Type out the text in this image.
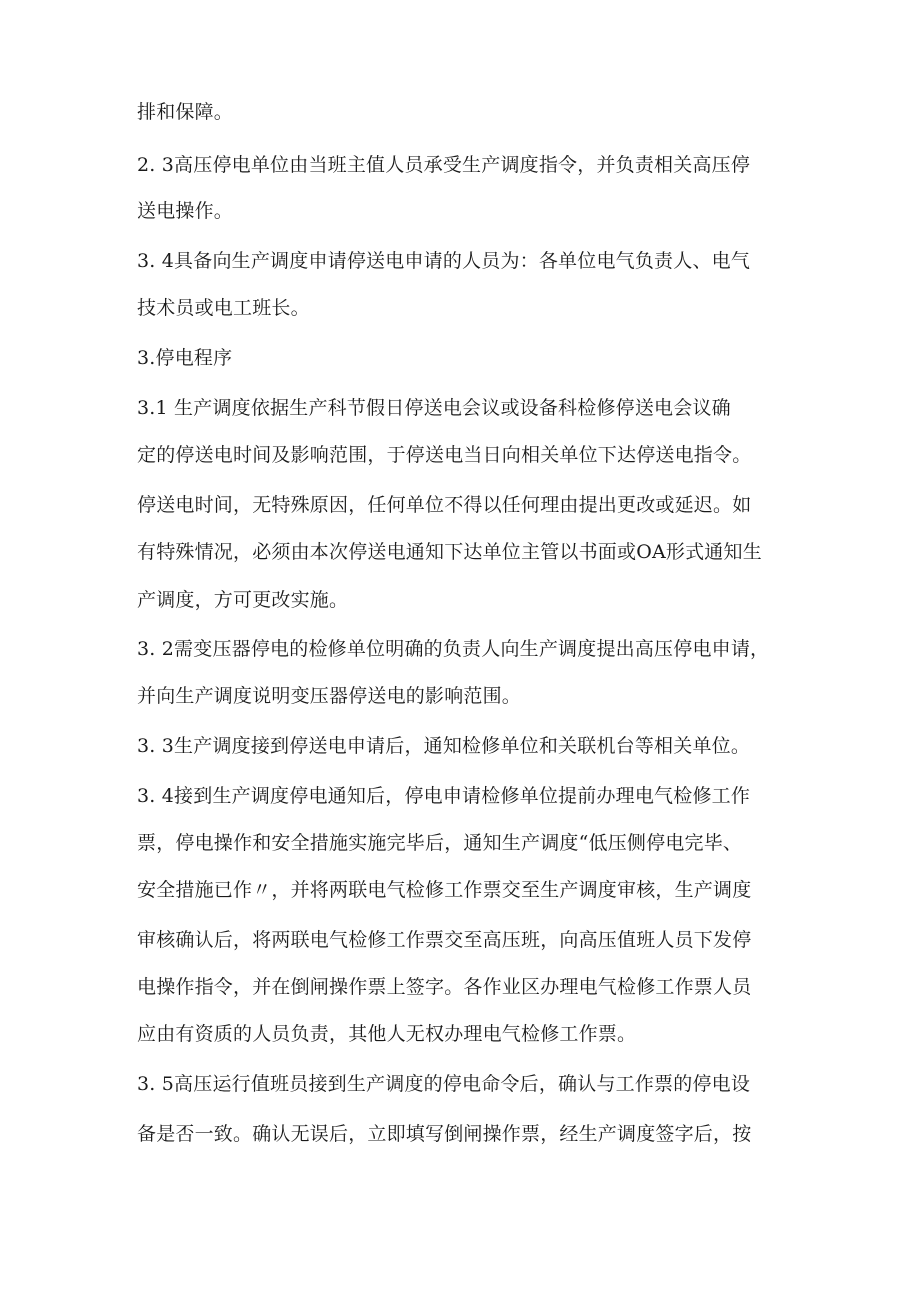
排和保障。
2. 3高压停电单位由当班主值人员承受生产调度指令，并负责相关高压停
送电操作。
3. 4具备向生产调度申请停送电申请的人员为：各单位电气负责人、电气
技术员或电工班长。
3.停电程序
3.1 生产调度依据生产科节假日停送电会议或设备科检修停送电会议确
定的停送电时间及影响范围，于停送电当日向相关单位下达停送电指令。
停送电时间，无特殊原因，任何单位不得以任何理由提出更改或延迟。如
有特殊情况，必须由本次停送电通知下达单位主管以书面或OA形式通知生
产调度，方可更改实施。
3. 2需变压器停电的检修单位明确的负责人向生产调度提出高压停电申请，
并向生产调度说明变压器停送电的影响范围。
3. 3生产调度接到停送电申请后，通知检修单位和关联机台等相关单位。
3. 4接到生产调度停电通知后，停电申请检修单位提前办理电气检修工作
票，停电操作和安全措施实施完毕后，通知生产调度“低压侧停电完毕、
安全措施已作〃，并将两联电气检修工作票交至生产调度审核，生产调度
审核确认后，将两联电气检修工作票交至高压班，向高压值班人员下发停
电操作指令，并在倒闸操作票上签字。各作业区办理电气检修工作票人员
应由有资质的人员负责，其他人无权办理电气检修工作票。
3. 5高压运行值班员接到生产调度的停电命令后，确认与工作票的停电设
备是否一致。确认无误后，立即填写倒闸操作票，经生产调度签字后，按
